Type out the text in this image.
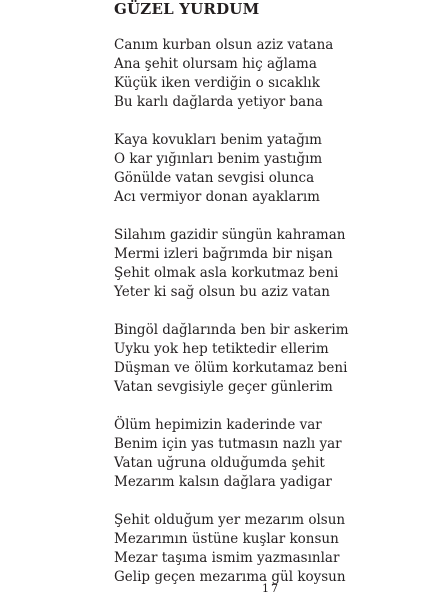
GÜZEL YURDUM
Canım kurban olsun aziz vatana
Ana şehit olursam hiç ağlama
Küçük iken verdiğin o sıcaklık
Bu karlı dağlarda yetiyor bana
Kaya kovukları benim yatağım
O kar yığınları benim yastığım
Gönülde vatan sevgisi olunca
Acı vermiyor donan ayaklarım
Silahım gazidir süngün kahraman
Mermi izleri bağrımda bir nişan
Şehit olmak asla korkutmaz beni
Yeter ki sağ olsun bu aziz vatan
Bingöl dağlarında ben bir askerim
Uyku yok hep tetiktedir ellerim
Düşman ve ölüm korkutamaz beni
Vatan sevgisiyle geçer günlerim
Ölüm hepimizin kaderinde var
Benim için yas tutmasın nazlı yar
Vatan uğruna olduğumda şehit
Mezarım kalsın dağlara yadigar
Şehit olduğum yer mezarım olsun
Mezarımın üstüne kuşlar konsun
Mezar taşıma ismim yazmasınlar
Gelip geçen mezarıma gül koysun
17
